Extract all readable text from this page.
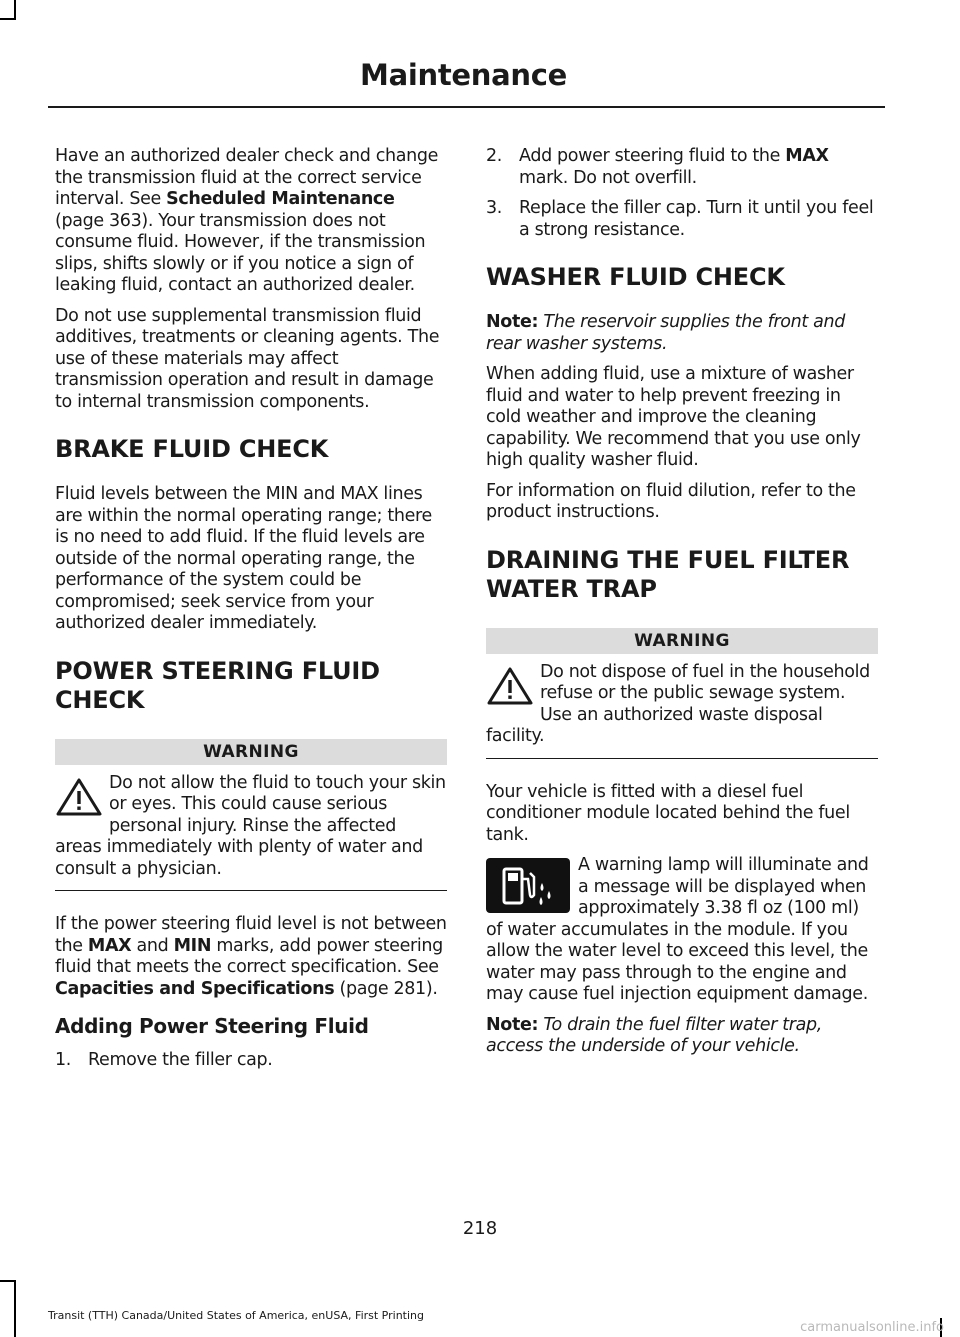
Maintenance

Have an authorized dealer check and change the transmission fluid at the correct service interval. See Scheduled Maintenance (page 363). Your transmission does not consume fluid. However, if the transmission slips, shifts slowly or if you notice a sign of leaking fluid, contact an authorized dealer.

Do not use supplemental transmission fluid additives, treatments or cleaning agents. The use of these materials may affect transmission operation and result in damage to internal transmission components.

BRAKE FLUID CHECK

Fluid levels between the MIN and MAX lines are within the normal operating range; there is no need to add fluid. If the fluid levels are outside of the normal operating range, the performance of the system could be compromised; seek service from your authorized dealer immediately.

POWER STEERING FLUID
CHECK
WARNING

Do not allow the fluid to touch your skin or eyes. This could cause serious personal injury. Rinse the affected areas immediately with plenty of water and consult a physician.

If the power steering fluid level is not between the MAX and MIN marks, add power steering fluid that meets the correct specification. See Capacities and Specifications (page 281).

Adding Power Steering Fluid
1. Remove the filler cap.
2. Add power steering fluid to the MAX mark. Do not overfill.
3. Replace the filler cap. Turn it until you feel a strong resistance.
WASHER FLUID CHECK

Note: The reservoir supplies the front and rear washer systems.

When adding fluid, use a mixture of washer fluid and water to help prevent freezing in cold weather and improve the cleaning capability. We recommend that you use only high quality washer fluid.

For information on fluid dilution, refer to the product instructions.

DRAINING THE FUEL FILTER
WATER TRAP
WARNING

Do not dispose of fuel in the household refuse or the public sewage system. Use an authorized waste disposal facility.

Your vehicle is fitted with a diesel fuel conditioner module located behind the fuel tank.

A warning lamp will illuminate and a message will be displayed when approximately 3.38 fl oz (100 ml) of water accumulates in the module. If you allow the water level to exceed this level, the water may pass through to the engine and may cause fuel injection equipment damage.

Note: To drain the fuel filter water trap, access the underside of your vehicle.

218
Transit (TTH) Canada/United States of America, enUSA, First Printing
carmanualsonline.info
